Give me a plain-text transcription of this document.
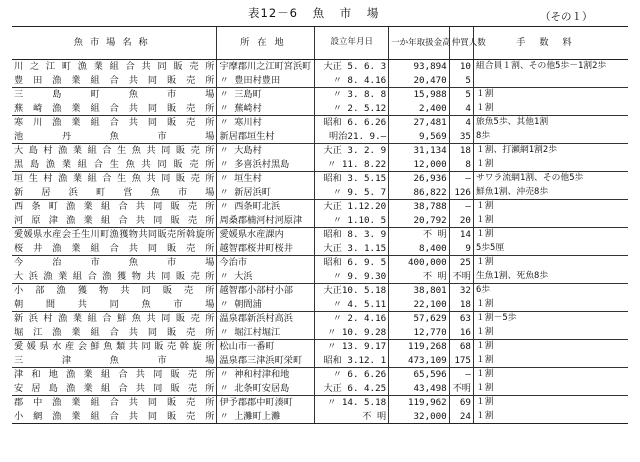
表12－6 魚 市 場	（その１）
魚市場名称	所在地	設立年月日	一か年取扱金高	仲買人数	手数料
川之江町漁業組合共同販売所	宇摩郡川之江町宮浜町	大正 5. 6. 3	93,894	10	組合員１割、その他5歩－1割2歩
豊田漁業組合共同販売所	〃 豊田村豊田	〃 8. 4.16	20,470	5	
三島町魚市場	〃 三島町	〃 3. 8. 8	15,988	5	１割
蕪崎漁業組合共同販売所	〃 蕪崎村	〃 2. 5.12	2,400	4	１割
寒川漁業組合共同販売所	〃 寒川村	昭和 6. 6.26	27,481	4	旅魚5歩、其他1割
池丹魚市場	新居郡垣生村	明治21. 9.—	9,569	35	8歩
大島村漁業組合生魚共同販売所	〃 大島村	大正 3. 2. 9	31,134	18	１割、打瀬網1割2歩
黒島漁業組合生魚共同販売所	〃 多喜浜村黒島	〃 11. 8.22	12,000	8	１割
垣生村漁業組合生魚共同販売所	〃 垣生村	昭和 3. 5.15	26,936	—	サワラ流網1割、その他5歩
新居浜町営魚市場	〃 新居浜町	〃 9. 5. 7	86,822	126	鮮魚1割、沖売8歩
西条町漁業組合共同販売所	〃 西条町北浜	大正 1.12.20	38,788	—	１割
河原津漁業組合共同販売所	周桑郡楠河村河原津	〃 1.10. 5	20,792	20	１割
愛媛県水産会壬生川町漁獲物共同販売所斡旋所	愛媛県水産課内	昭和 8. 3. 9	不 明	14	１割
桜井漁業組合共同販売所	越智郡桜井町桜井	大正 3. 1.15	8,400	9	5歩5厘
今治市魚市場	今治市	昭和 6. 9. 5	400,000	25	１割
大浜漁業組合漁獲物共同販売所	〃 大浜	〃 9. 9.30	不 明	不明	生魚1割、死魚8歩
小部漁獲物共同販売所	越智郡小部村小部	大正10. 5.18	38,801	32	6歩
朝間共同魚市場	〃 朝間浦	〃 4. 5.11	22,100	18	１割
新浜村漁業組合鮮魚共同販売所	温泉郡新浜村高浜	〃 2. 4.16	57,629	63	１割－5歩
堀江漁業組合共同販売所	〃 堀江村堀江	〃 10. 9.28	12,770	16	１割
愛媛県水産会鮮魚類共同販売斡旋所	松山市一番町	〃 13. 9.17	119,268	68	１割
三津魚市場	温泉郡三津浜町栄町	昭和 3.12. 1	473,109	175	１割
津和地漁業組合共同販売所	〃 神和村津和地	〃 6. 6.26	65,596	—	１割
安居島漁業組合共同販売所	〃 北条町安居島	大正 6. 4.25	43,498	不明	１割
郡中漁業組合共同販売所	伊予郡郡中町湊町	〃 14. 5.18	119,962	69	１割
小網漁業組合共同販売所	〃 上灘町上灘	不 明	32,000	24	１割
